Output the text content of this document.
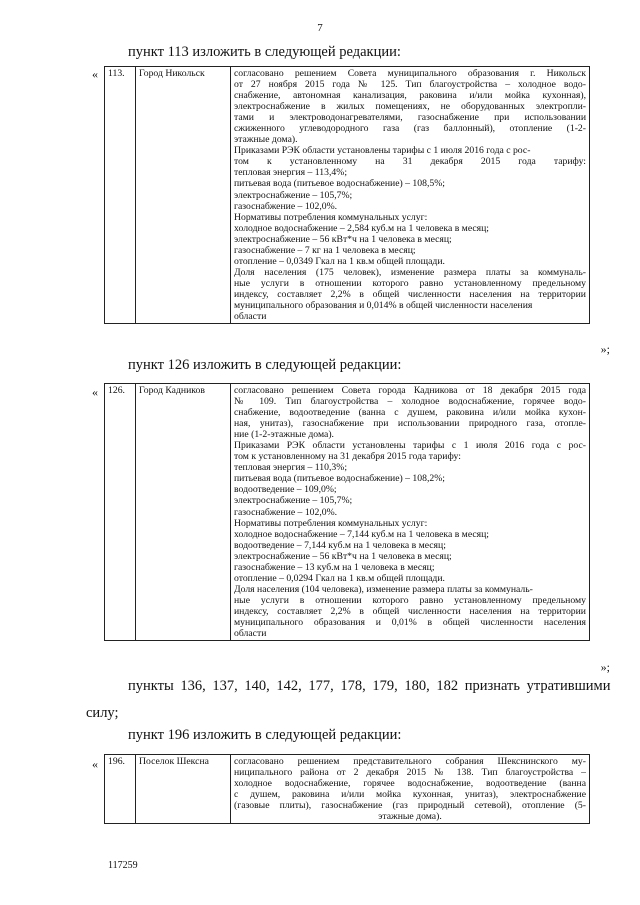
7
пункт 113 изложить в следующей редакции:
« 113.	Город Никольск	согласовано решением Совета муниципального образования г. Никольск
от 27 ноября 2015 года № 125. Тип благоустройства – холодное водо-
снабжение, автономная канализация, раковина и/или мойка кухонная),
электроснабжение в жилых помещениях, не оборудованных электропли-
тами и электроводонагревателями, газоснабжение при использовании
сжиженного углеводородного газа (газ баллонный), отопление (1-2-
этажные дома).
Приказами РЭК области установлены тарифы с 1 июля 2016 года с рос-
том к установленному на 31 декабря 2015 года тарифу:
тепловая энергия – 113,4%;
питьевая вода (питьевое водоснабжение) – 108,5%;
электроснабжение – 105,7%;
газоснабжение – 102,0%.
Нормативы потребления коммунальных услуг:
холодное водоснабжение – 2,584 куб.м на 1 человека в месяц;
электроснабжение – 56 кВт*ч на 1 человека в месяц;
газоснабжение – 7 кг на 1 человека в месяц;
отопление – 0,0349 Гкал на 1 кв.м общей площади.
Доля населения (175 человек), изменение размера платы за коммуналь-
ные услуги в отношении которого равно установленному предельному
индексу, составляет 2,2% в общей численности населения на территории
муниципального образования и 0,014% в общей численности населения
области
»;
пункт 126 изложить в следующей редакции:
« 126.	Город Кадников	согласовано решением Совета города Кадникова от 18 декабря 2015 года
№ 109. Тип благоустройства – холодное водоснабжение, горячее водо-
снабжение, водоотведение (ванна с душем, раковина и/или мойка кухон-
ная, унитаз), газоснабжение при использовании природного газа, отопле-
ние (1-2-этажные дома).
Приказами РЭК области установлены тарифы с 1 июля 2016 года с рос-
том к установленному на 31 декабря 2015 года тарифу:
тепловая энергия – 110,3%;
питьевая вода (питьевое водоснабжение) – 108,2%;
водоотведение – 109,0%;
электроснабжение – 105,7%;
газоснабжение – 102,0%.
Нормативы потребления коммунальных услуг:
холодное водоснабжение – 7,144 куб.м на 1 человека в месяц;
водоотведение – 7,144 куб.м на 1 человека в месяц;
электроснабжение – 56 кВт*ч на 1 человека в месяц;
газоснабжение – 13 куб.м на 1 человека в месяц;
отопление – 0,0294 Гкал на 1 кв.м общей площади.
Доля населения (104 человека), изменение размера платы за коммуналь-
ные услуги в отношении которого равно установленному предельному
индексу, составляет 2,2% в общей численности населения на территории
муниципального образования и 0,01% в общей численности населения
области
»;
пункты 136, 137, 140, 142, 177, 178, 179, 180, 182 признать утратившими
силу;
пункт 196 изложить в следующей редакции:
« 196.	Поселок Шексна	согласовано решением представительного собрания Шекснинского му-
ниципального района от 2 декабря 2015 № 138. Тип благоустройства –
холодное водоснабжение, горячее водоснабжение, водоотведение (ванна
с душем, раковина и/или мойка кухонная, унитаз), электроснабжение
(газовые плиты), газоснабжение (газ природный сетевой), отопление (5-
этажные дома).
117259
